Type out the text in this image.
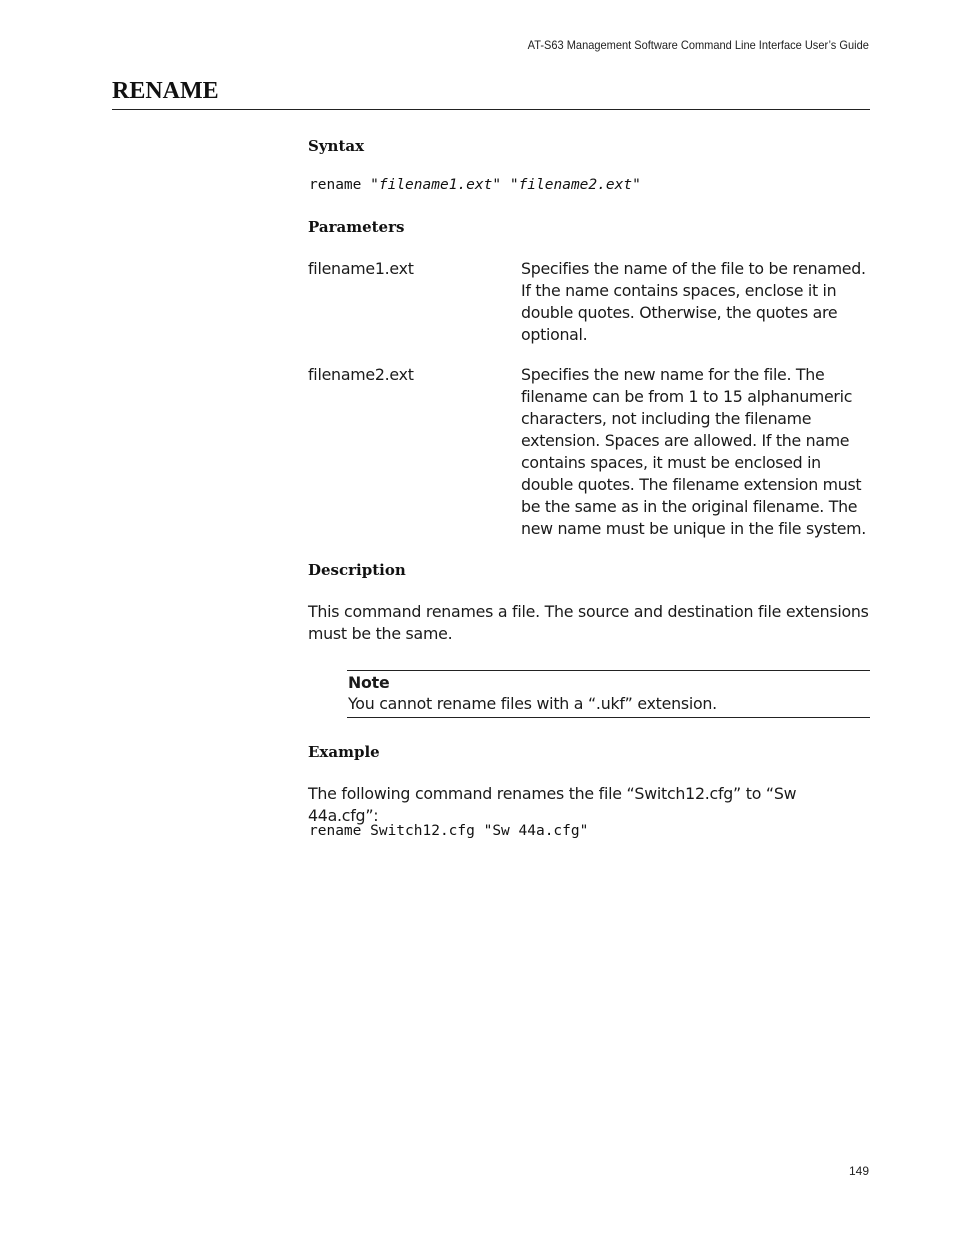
AT-S63 Management Software Command Line Interface User’s Guide
RENAME
Syntax
rename "filename1.ext" "filename2.ext"
Parameters
filename1.ext	Specifies the name of the file to be renamed. If the name contains spaces, enclose it in double quotes. Otherwise, the quotes are optional.
filename2.ext	Specifies the new name for the file. The filename can be from 1 to 15 alphanumeric characters, not including the filename extension. Spaces are allowed. If the name contains spaces, it must be enclosed in double quotes. The filename extension must be the same as in the original filename. The new name must be unique in the file system.
Description
This command renames a file. The source and destination file extensions must be the same.
Note
You cannot rename files with a “.ukf” extension.
Example
The following command renames the file “Switch12.cfg” to “Sw 44a.cfg”:
rename Switch12.cfg "Sw 44a.cfg"
149
